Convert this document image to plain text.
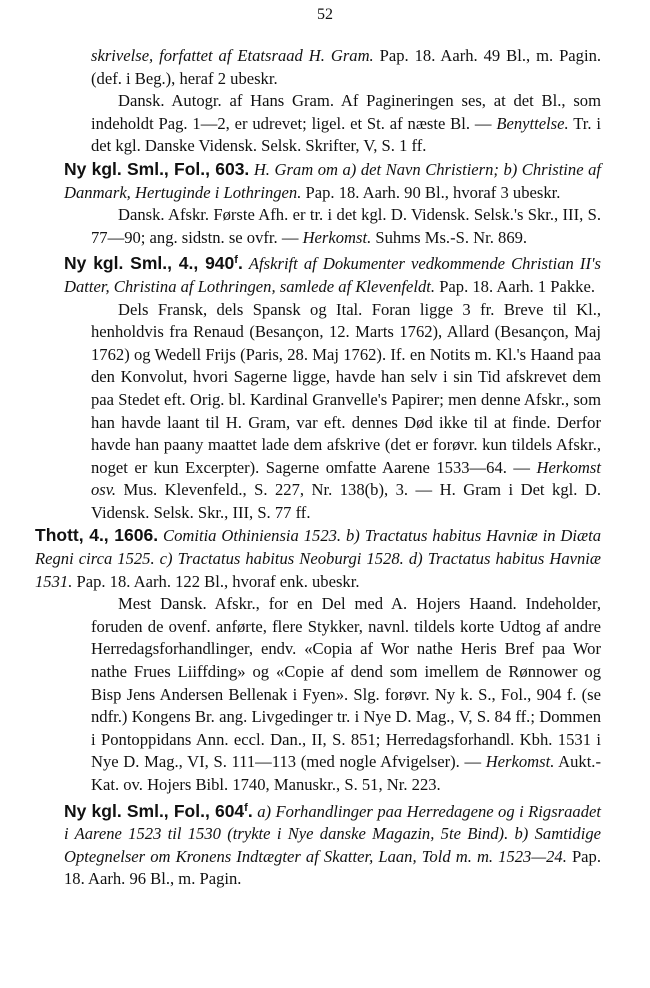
52

skrivelse, forfattet af Etatsraad H. Gram. Pap. 18. Aarh. 49 Bl., m. Pagin. (def. i Beg.), heraf 2 ubeskr.

Dansk. Autogr. af Hans Gram. Af Pagineringen ses, at det Bl., som indeholdt Pag. 1—2, er udrevet; ligel. et St. af næste Bl. — Benyttelse. Tr. i det kgl. Danske Vidensk. Selsk. Skrifter, V, S. 1 ff.

Ny kgl. Sml., Fol., 603. H. Gram om a) det Navn Christiern; b) Christine af Danmark, Hertuginde i Lothringen. Pap. 18. Aarh. 90 Bl., hvoraf 3 ubeskr.

Dansk. Afskr. Første Afh. er tr. i det kgl. D. Vidensk. Selsk.'s Skr., III, S. 77—90; ang. sidstn. se ovfr. — Herkomst. Suhms Ms.-S. Nr. 869.

Ny kgl. Sml., 4., 940$^f$. Afskrift af Dokumenter vedkommende Christian II's Datter, Christina af Lothringen, samlede af Klevenfeldt. Pap. 18. Aarh. 1 Pakke.

Dels Fransk, dels Spansk og Ital. Foran ligge 3 fr. Breve til Kl., henholdvis fra Renaud (Besançon, 12. Marts 1762), Allard (Besançon, Maj 1762) og Wedell Frijs (Paris, 28. Maj 1762). If. en Notits m. Kl.'s Haand paa den Konvolut, hvori Sagerne ligge, havde han selv i sin Tid afskrevet dem paa Stedet eft. Orig. bl. Kardinal Granvelle's Papirer; men denne Afskr., som han havde laant til H. Gram, var eft. dennes Død ikke til at finde. Derfor havde han paany maattet lade dem afskrive (det er forøvr. kun tildels Afskr., noget er kun Excerpter). Sagerne omfatte Aarene 1533—64. — Herkomst osv. Mus. Klevenfeld., S. 227, Nr. 138(b), 3. — H. Gram i Det kgl. D. Vidensk. Selsk. Skr., III, S. 77 ff.

Thott, 4., 1606. Comitia Othiniensia 1523. b) Tractatus habitus Havniæ in Diæta Regni circa 1525. c) Tractatus habitus Neoburgi 1528. d) Tractatus habitus Havniæ 1531. Pap. 18. Aarh. 122 Bl., hvoraf enk. ubeskr.

Mest Dansk. Afskr., for en Del med A. Hojers Haand. Indeholder, foruden de ovenf. anførte, flere Stykker, navnl. tildels korte Udtog af andre Herredagsforhandlinger, endv. «Copia af Wor nathe Heris Bref paa Wor nathe Frues Liiffding» og «Copie af dend som imellem de Rønnower og Bisp Jens Andersen Bellenak i Fyen». Slg. forøvr. Ny k. S., Fol., 904 f. (se ndfr.) Kongens Br. ang. Livgedinger tr. i Nye D. Mag., V, S. 84 ff.; Dommen i Pontoppidans Ann. eccl. Dan., II, S. 851; Herredagsforhandl. Kbh. 1531 i Nye D. Mag., VI, S. 111—113 (med nogle Afvigelser). — Herkomst. Aukt.-Kat. ov. Hojers Bibl. 1740, Manuskr., S. 51, Nr. 223.

Ny kgl. Sml., Fol., 604$^f$. a) Forhandlinger paa Herredagene og i Rigsraadet i Aarene 1523 til 1530 (trykte i Nye danske Magazin, 5te Bind). b) Samtidige Optegnelser om Kronens Indtægter af Skatter, Laan, Told m. m. 1523—24. Pap. 18. Aarh. 96 Bl., m. Pagin.
